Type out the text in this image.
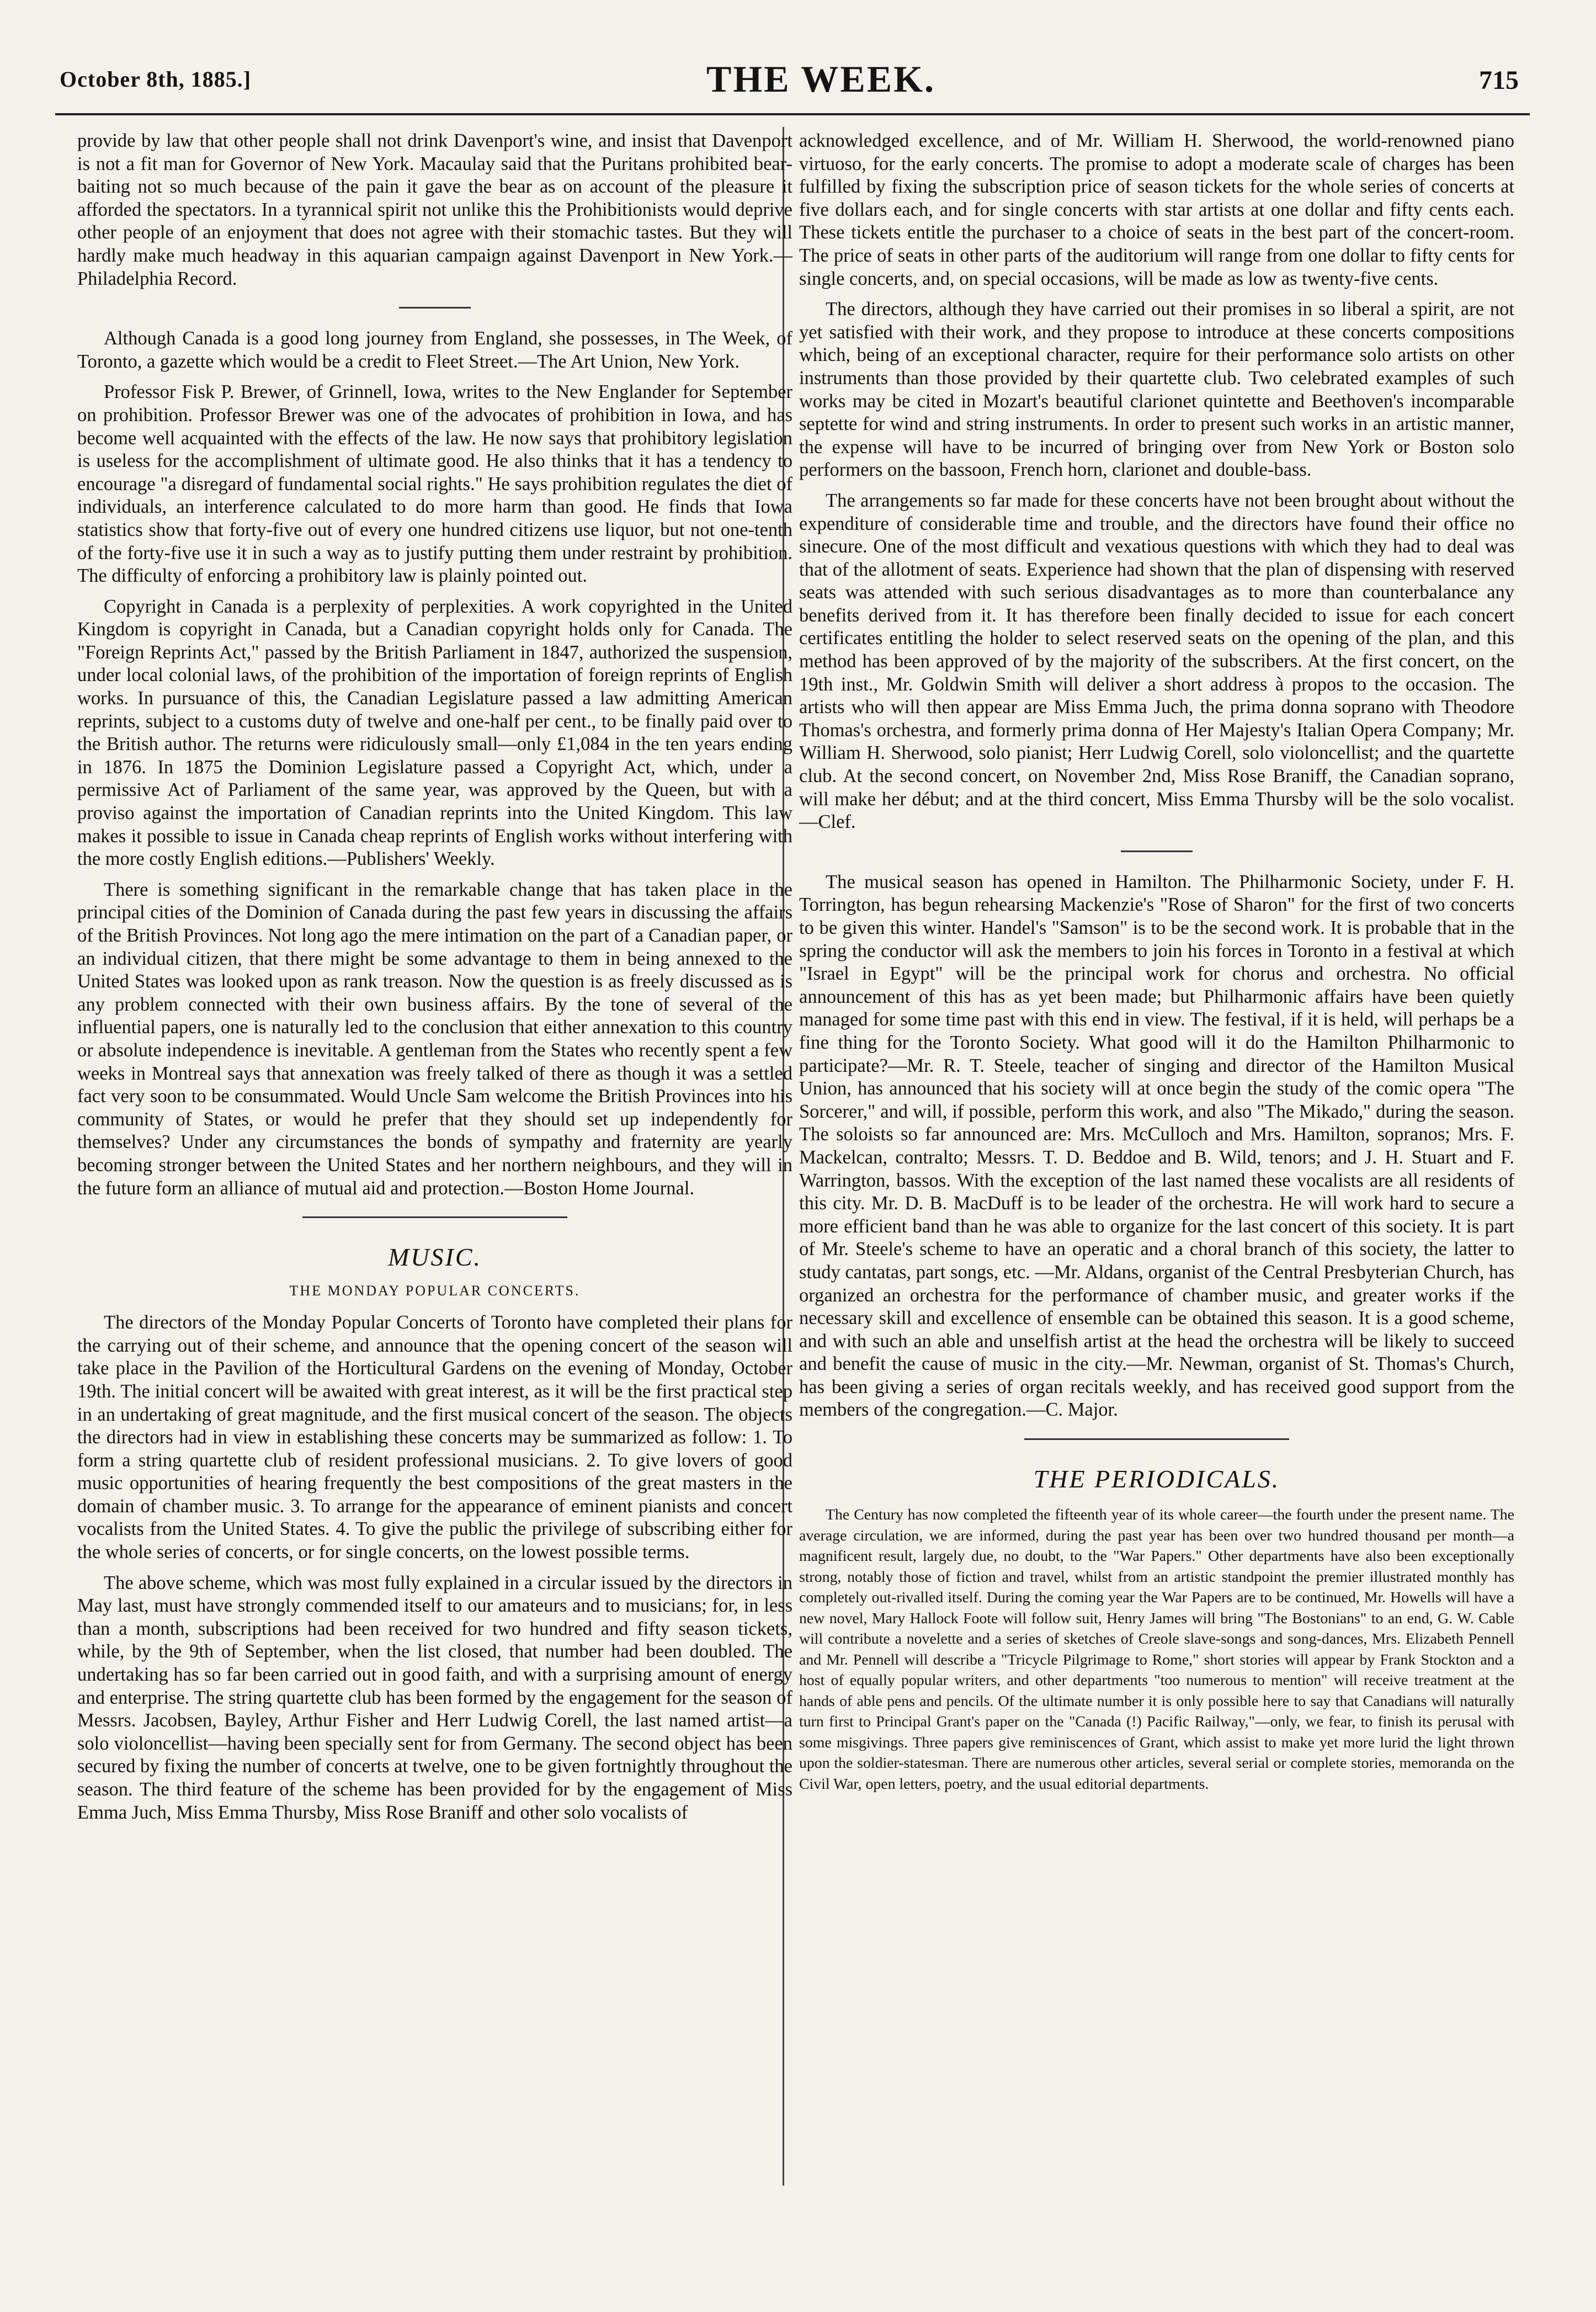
October 8th, 1885.]	THE WEEK.	715

provide by law that other people shall not drink Davenport's wine, and insist that Davenport is not a fit man for Governor of New York. Macaulay said that the Puritans prohibited bear-baiting not so much because of the pain it gave the bear as on account of the pleasure it afforded the spectators. In a tyrannical spirit not unlike this the Prohibitionists would deprive other people of an enjoyment that does not agree with their stomachic tastes. But they will hardly make much headway in this aquarian campaign against Davenport in New York.—Philadelphia Record.

Although Canada is a good long journey from England, she possesses, in The Week, of Toronto, a gazette which would be a credit to Fleet Street.—The Art Union, New York.

Professor Fisk P. Brewer, of Grinnell, Iowa, writes to the New Englander for September on prohibition. Professor Brewer was one of the advocates of prohibition in Iowa, and has become well acquainted with the effects of the law. He now says that prohibitory legislation is useless for the accomplishment of ultimate good. He also thinks that it has a tendency to encourage "a disregard of fundamental social rights." He says prohibition regulates the diet of individuals, an interference calculated to do more harm than good. He finds that Iowa statistics show that forty-five out of every one hundred citizens use liquor, but not one-tenth of the forty-five use it in such a way as to justify putting them under restraint by prohibition. The difficulty of enforcing a prohibitory law is plainly pointed out.

Copyright in Canada is a perplexity of perplexities. A work copyrighted in the United Kingdom is copyright in Canada, but a Canadian copyright holds only for Canada. The "Foreign Reprints Act," passed by the British Parliament in 1847, authorized the suspension, under local colonial laws, of the prohibition of the importation of foreign reprints of English works. In pursuance of this, the Canadian Legislature passed a law admitting American reprints, subject to a customs duty of twelve and one-half per cent., to be finally paid over to the British author. The returns were ridiculously small—only £1,084 in the ten years ending in 1876. In 1875 the Dominion Legislature passed a Copyright Act, which, under a permissive Act of Parliament of the same year, was approved by the Queen, but with a proviso against the importation of Canadian reprints into the United Kingdom. This law makes it possible to issue in Canada cheap reprints of English works without interfering with the more costly English editions.—Publishers' Weekly.

There is something significant in the remarkable change that has taken place in the principal cities of the Dominion of Canada during the past few years in discussing the affairs of the British Provinces. Not long ago the mere intimation on the part of a Canadian paper, or an individual citizen, that there might be some advantage to them in being annexed to the United States was looked upon as rank treason. Now the question is as freely discussed as is any problem connected with their own business affairs. By the tone of several of the influential papers, one is naturally led to the conclusion that either annexation to this country or absolute independence is inevitable. A gentleman from the States who recently spent a few weeks in Montreal says that annexation was freely talked of there as though it was a settled fact very soon to be consummated. Would Uncle Sam welcome the British Provinces into his community of States, or would he prefer that they should set up independently for themselves? Under any circumstances the bonds of sympathy and fraternity are yearly becoming stronger between the United States and her northern neighbours, and they will in the future form an alliance of mutual aid and protection.—Boston Home Journal.

MUSIC.
THE MONDAY POPULAR CONCERTS.

The directors of the Monday Popular Concerts of Toronto have completed their plans for the carrying out of their scheme, and announce that the opening concert of the season will take place in the Pavilion of the Horticultural Gardens on the evening of Monday, October 19th. The initial concert will be awaited with great interest, as it will be the first practical step in an undertaking of great magnitude, and the first musical concert of the season. The objects the directors had in view in establishing these concerts may be summarized as follow: 1. To form a string quartette club of resident professional musicians. 2. To give lovers of good music opportunities of hearing frequently the best compositions of the great masters in the domain of chamber music. 3. To arrange for the appearance of eminent pianists and concert vocalists from the United States. 4. To give the public the privilege of subscribing either for the whole series of concerts, or for single concerts, on the lowest possible terms.

The above scheme, which was most fully explained in a circular issued by the directors in May last, must have strongly commended itself to our amateurs and to musicians; for, in less than a month, subscriptions had been received for two hundred and fifty season tickets, while, by the 9th of September, when the list closed, that number had been doubled. The undertaking has so far been carried out in good faith, and with a surprising amount of energy and enterprise. The string quartette club has been formed by the engagement for the season of Messrs. Jacobsen, Bayley, Arthur Fisher and Herr Ludwig Corell, the last named artist—a solo violoncellist—having been specially sent for from Germany. The second object has been secured by fixing the number of concerts at twelve, one to be given fortnightly throughout the season. The third feature of the scheme has been provided for by the engagement of Miss Emma Juch, Miss Emma Thursby, Miss Rose Braniff and other solo vocalists of

acknowledged excellence, and of Mr. William H. Sherwood, the world-renowned piano virtuoso, for the early concerts. The promise to adopt a moderate scale of charges has been fulfilled by fixing the subscription price of season tickets for the whole series of concerts at five dollars each, and for single concerts with star artists at one dollar and fifty cents each. These tickets entitle the purchaser to a choice of seats in the best part of the concert-room. The price of seats in other parts of the auditorium will range from one dollar to fifty cents for single concerts, and, on special occasions, will be made as low as twenty-five cents.

The directors, although they have carried out their promises in so liberal a spirit, are not yet satisfied with their work, and they propose to introduce at these concerts compositions which, being of an exceptional character, require for their performance solo artists on other instruments than those provided by their quartette club. Two celebrated examples of such works may be cited in Mozart's beautiful clarionet quintette and Beethoven's incomparable septette for wind and string instruments. In order to present such works in an artistic manner, the expense will have to be incurred of bringing over from New York or Boston solo performers on the bassoon, French horn, clarionet and double-bass.

The arrangements so far made for these concerts have not been brought about without the expenditure of considerable time and trouble, and the directors have found their office no sinecure. One of the most difficult and vexatious questions with which they had to deal was that of the allotment of seats. Experience had shown that the plan of dispensing with reserved seats was attended with such serious disadvantages as to more than counterbalance any benefits derived from it. It has therefore been finally decided to issue for each concert certificates entitling the holder to select reserved seats on the opening of the plan, and this method has been approved of by the majority of the subscribers. At the first concert, on the 19th inst., Mr. Goldwin Smith will deliver a short address à propos to the occasion. The artists who will then appear are Miss Emma Juch, the prima donna soprano with Theodore Thomas's orchestra, and formerly prima donna of Her Majesty's Italian Opera Company; Mr. William H. Sherwood, solo pianist; Herr Ludwig Corell, solo violoncellist; and the quartette club. At the second concert, on November 2nd, Miss Rose Braniff, the Canadian soprano, will make her début; and at the third concert, Miss Emma Thursby will be the solo vocalist.—Clef.

The musical season has opened in Hamilton. The Philharmonic Society, under F. H. Torrington, has begun rehearsing Mackenzie's "Rose of Sharon" for the first of two concerts to be given this winter. Handel's "Samson" is to be the second work. It is probable that in the spring the conductor will ask the members to join his forces in Toronto in a festival at which "Israel in Egypt" will be the principal work for chorus and orchestra. No official announcement of this has as yet been made; but Philharmonic affairs have been quietly managed for some time past with this end in view. The festival, if it is held, will perhaps be a fine thing for the Toronto Society. What good will it do the Hamilton Philharmonic to participate?—Mr. R. T. Steele, teacher of singing and director of the Hamilton Musical Union, has announced that his society will at once begin the study of the comic opera "The Sorcerer," and will, if possible, perform this work, and also "The Mikado," during the season. The soloists so far announced are: Mrs. McCulloch and Mrs. Hamilton, sopranos; Mrs. F. Mackelcan, contralto; Messrs. T. D. Beddoe and B. Wild, tenors; and J. H. Stuart and F. Warrington, bassos. With the exception of the last named these vocalists are all residents of this city. Mr. D. B. MacDuff is to be leader of the orchestra. He will work hard to secure a more efficient band than he was able to organize for the last concert of this society. It is part of Mr. Steele's scheme to have an operatic and a choral branch of this society, the latter to study cantatas, part songs, etc. —Mr. Aldans, organist of the Central Presbyterian Church, has organized an orchestra for the performance of chamber music, and greater works if the necessary skill and excellence of ensemble can be obtained this season. It is a good scheme, and with such an able and unselfish artist at the head the orchestra will be likely to succeed and benefit the cause of music in the city.—Mr. Newman, organist of St. Thomas's Church, has been giving a series of organ recitals weekly, and has received good support from the members of the congregation.—C. Major.

THE PERIODICALS.

The Century has now completed the fifteenth year of its whole career—the fourth under the present name. The average circulation, we are informed, during the past year has been over two hundred thousand per month—a magnificent result, largely due, no doubt, to the "War Papers." Other departments have also been exceptionally strong, notably those of fiction and travel, whilst from an artistic standpoint the premier illustrated monthly has completely out-rivalled itself. During the coming year the War Papers are to be continued, Mr. Howells will have a new novel, Mary Hallock Foote will follow suit, Henry James will bring "The Bostonians" to an end, G. W. Cable will contribute a novelette and a series of sketches of Creole slave-songs and song-dances, Mrs. Elizabeth Pennell and Mr. Pennell will describe a "Tricycle Pilgrimage to Rome," short stories will appear by Frank Stockton and a host of equally popular writers, and other departments "too numerous to mention" will receive treatment at the hands of able pens and pencils. Of the ultimate number it is only possible here to say that Canadians will naturally turn first to Principal Grant's paper on the "Canada (!) Pacific Railway,"—only, we fear, to finish its perusal with some misgivings. Three papers give reminiscences of Grant, which assist to make yet more lurid the light thrown upon the soldier-statesman. There are numerous other articles, several serial or complete stories, memoranda on the Civil War, open letters, poetry, and the usual editorial departments.
